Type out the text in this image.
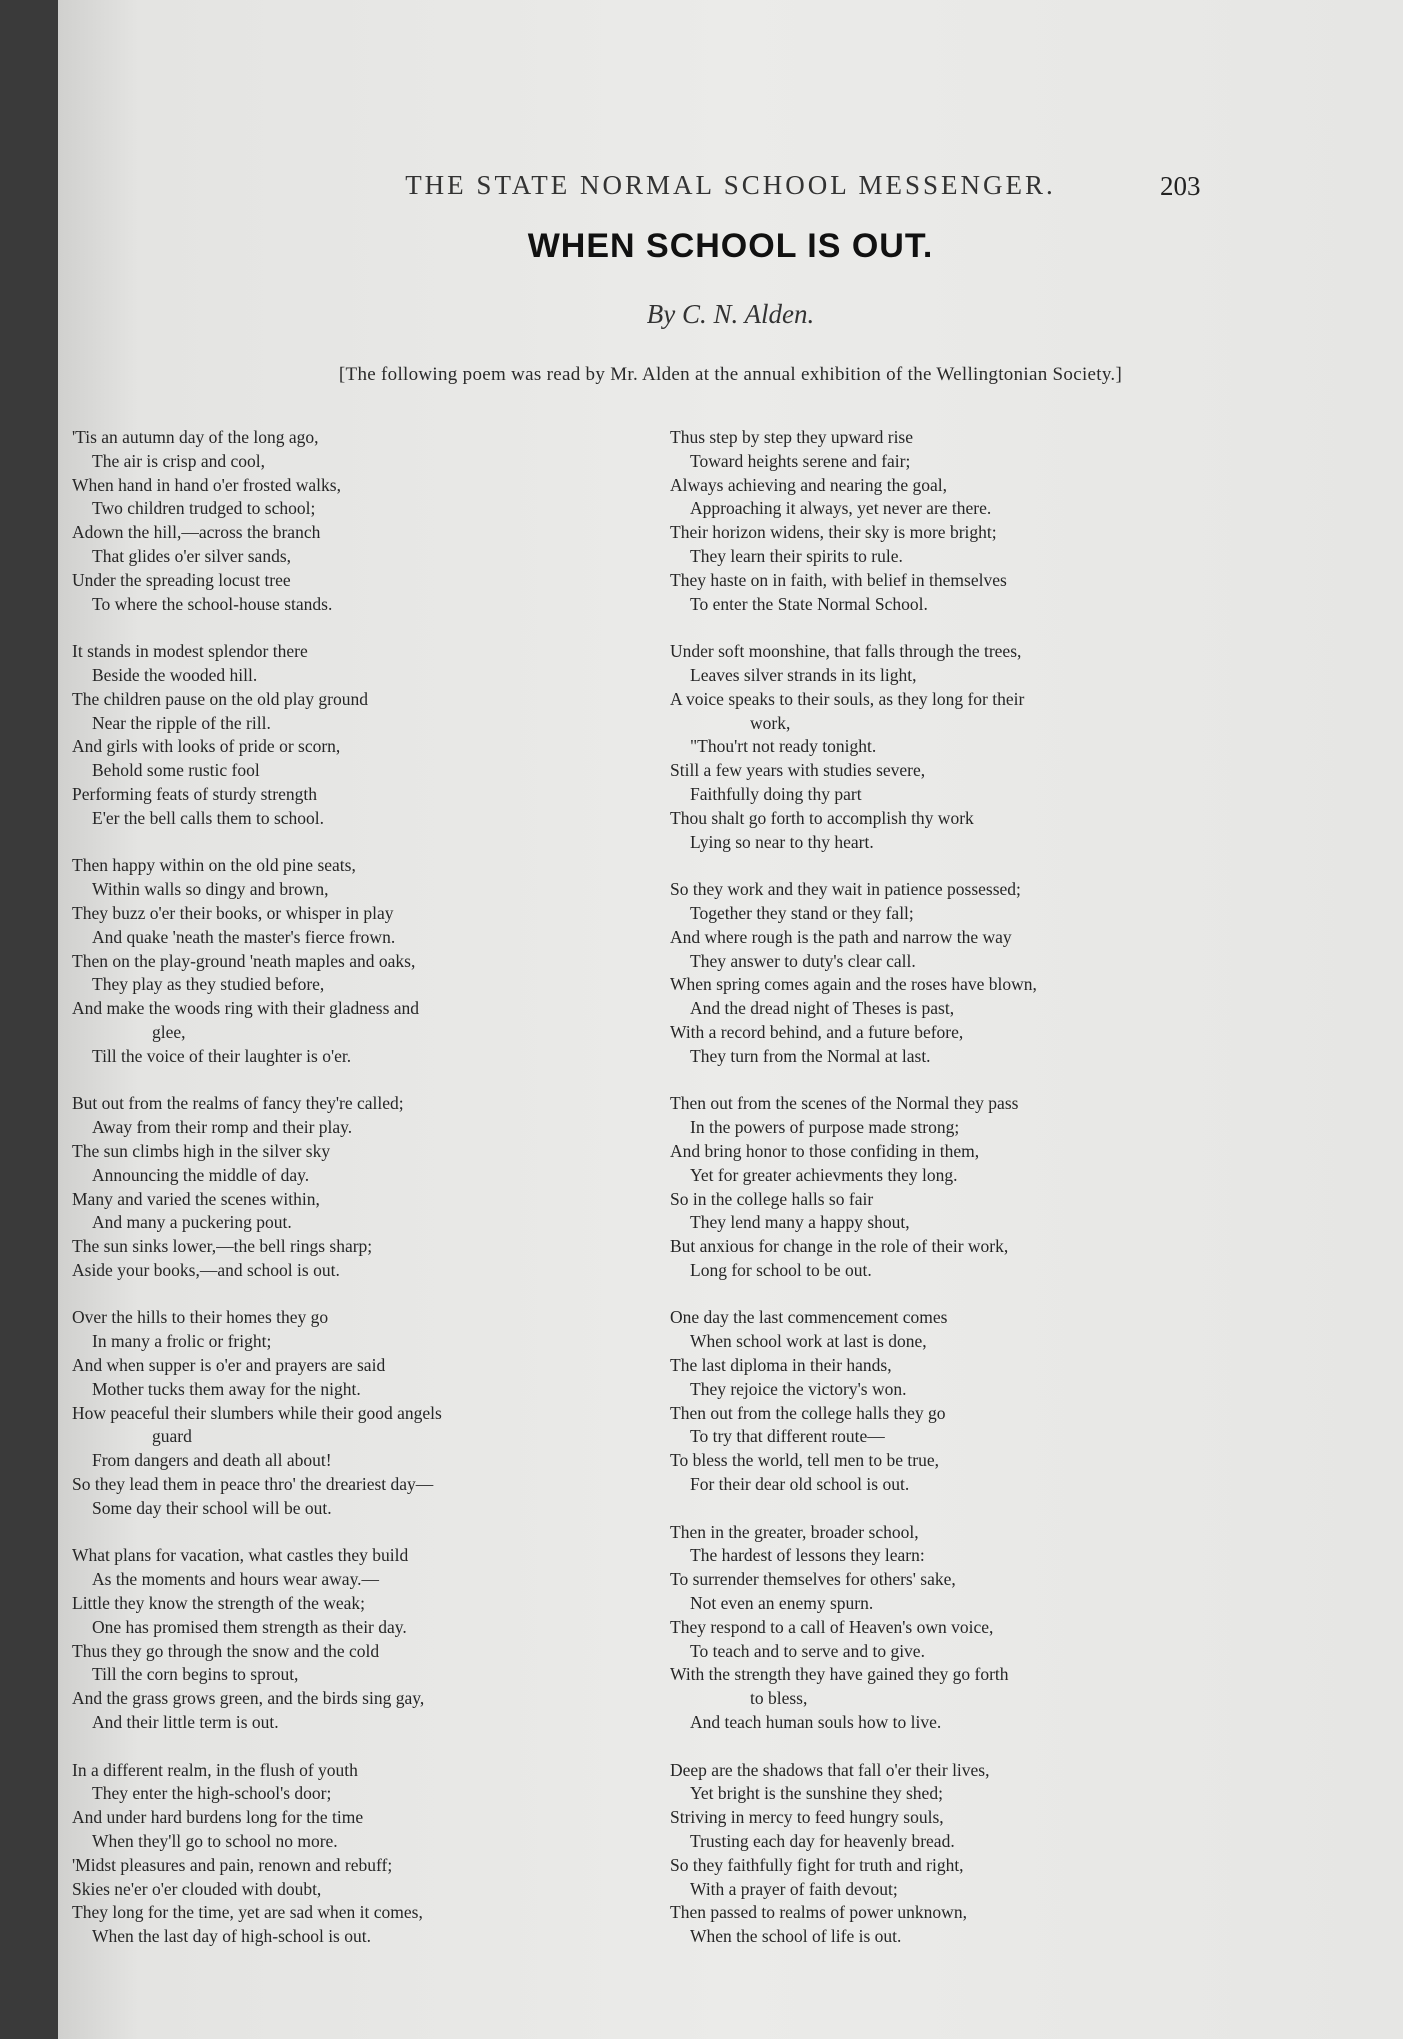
THE STATE NORMAL SCHOOL MESSENGER.	203
WHEN SCHOOL IS OUT.
By C. N. Alden.
[The following poem was read by Mr. Alden at the annual exhibition of the Wellingtonian Society.]
'Tis an autumn day of the long ago,
The air is crisp and cool,
When hand in hand o'er frosted walks,
Two children trudged to school;
Adown the hill,—across the branch
That glides o'er silver sands,
Under the spreading locust tree
To where the school-house stands.
It stands in modest splendor there
Beside the wooded hill.
The children pause on the old play ground
Near the ripple of the rill.
And girls with looks of pride or scorn,
Behold some rustic fool
Performing feats of sturdy strength
E'er the bell calls them to school.
Then happy within on the old pine seats,
Within walls so dingy and brown,
They buzz o'er their books, or whisper in play
And quake 'neath the master's fierce frown.
Then on the play-ground 'neath maples and oaks,
They play as they studied before,
And make the woods ring with their gladness and
glee,
Till the voice of their laughter is o'er.
But out from the realms of fancy they're called;
Away from their romp and their play.
The sun climbs high in the silver sky
Announcing the middle of day.
Many and varied the scenes within,
And many a puckering pout.
The sun sinks lower,—the bell rings sharp;
Aside your books,—and school is out.
Over the hills to their homes they go
In many a frolic or fright;
And when supper is o'er and prayers are said
Mother tucks them away for the night.
How peaceful their slumbers while their good angels
guard
From dangers and death all about!
So they lead them in peace thro' the dreariest day—
Some day their school will be out.
What plans for vacation, what castles they build
As the moments and hours wear away.—
Little they know the strength of the weak;
One has promised them strength as their day.
Thus they go through the snow and the cold
Till the corn begins to sprout,
And the grass grows green, and the birds sing gay,
And their little term is out.
In a different realm, in the flush of youth
They enter the high-school's door;
And under hard burdens long for the time
When they'll go to school no more.
'Midst pleasures and pain, renown and rebuff;
Skies ne'er o'er clouded with doubt,
They long for the time, yet are sad when it comes,
When the last day of high-school is out.
Thus step by step they upward rise
Toward heights serene and fair;
Always achieving and nearing the goal,
Approaching it always, yet never are there.
Their horizon widens, their sky is more bright;
They learn their spirits to rule.
They haste on in faith, with belief in themselves
To enter the State Normal School.
Under soft moonshine, that falls through the trees,
Leaves silver strands in its light,
A voice speaks to their souls, as they long for their
work,
"Thou'rt not ready tonight.
Still a few years with studies severe,
Faithfully doing thy part
Thou shalt go forth to accomplish thy work
Lying so near to thy heart.
So they work and they wait in patience possessed;
Together they stand or they fall;
And where rough is the path and narrow the way
They answer to duty's clear call.
When spring comes again and the roses have blown,
And the dread night of Theses is past,
With a record behind, and a future before,
They turn from the Normal at last.
Then out from the scenes of the Normal they pass
In the powers of purpose made strong;
And bring honor to those confiding in them,
Yet for greater achievments they long.
So in the college halls so fair
They lend many a happy shout,
But anxious for change in the role of their work,
Long for school to be out.
One day the last commencement comes
When school work at last is done,
The last diploma in their hands,
They rejoice the victory's won.
Then out from the college halls they go
To try that different route—
To bless the world, tell men to be true,
For their dear old school is out.
Then in the greater, broader school,
The hardest of lessons they learn:
To surrender themselves for others' sake,
Not even an enemy spurn.
They respond to a call of Heaven's own voice,
To teach and to serve and to give.
With the strength they have gained they go forth
to bless,
And teach human souls how to live.
Deep are the shadows that fall o'er their lives,
Yet bright is the sunshine they shed;
Striving in mercy to feed hungry souls,
Trusting each day for heavenly bread.
So they faithfully fight for truth and right,
With a prayer of faith devout;
Then passed to realms of power unknown,
When the school of life is out.
